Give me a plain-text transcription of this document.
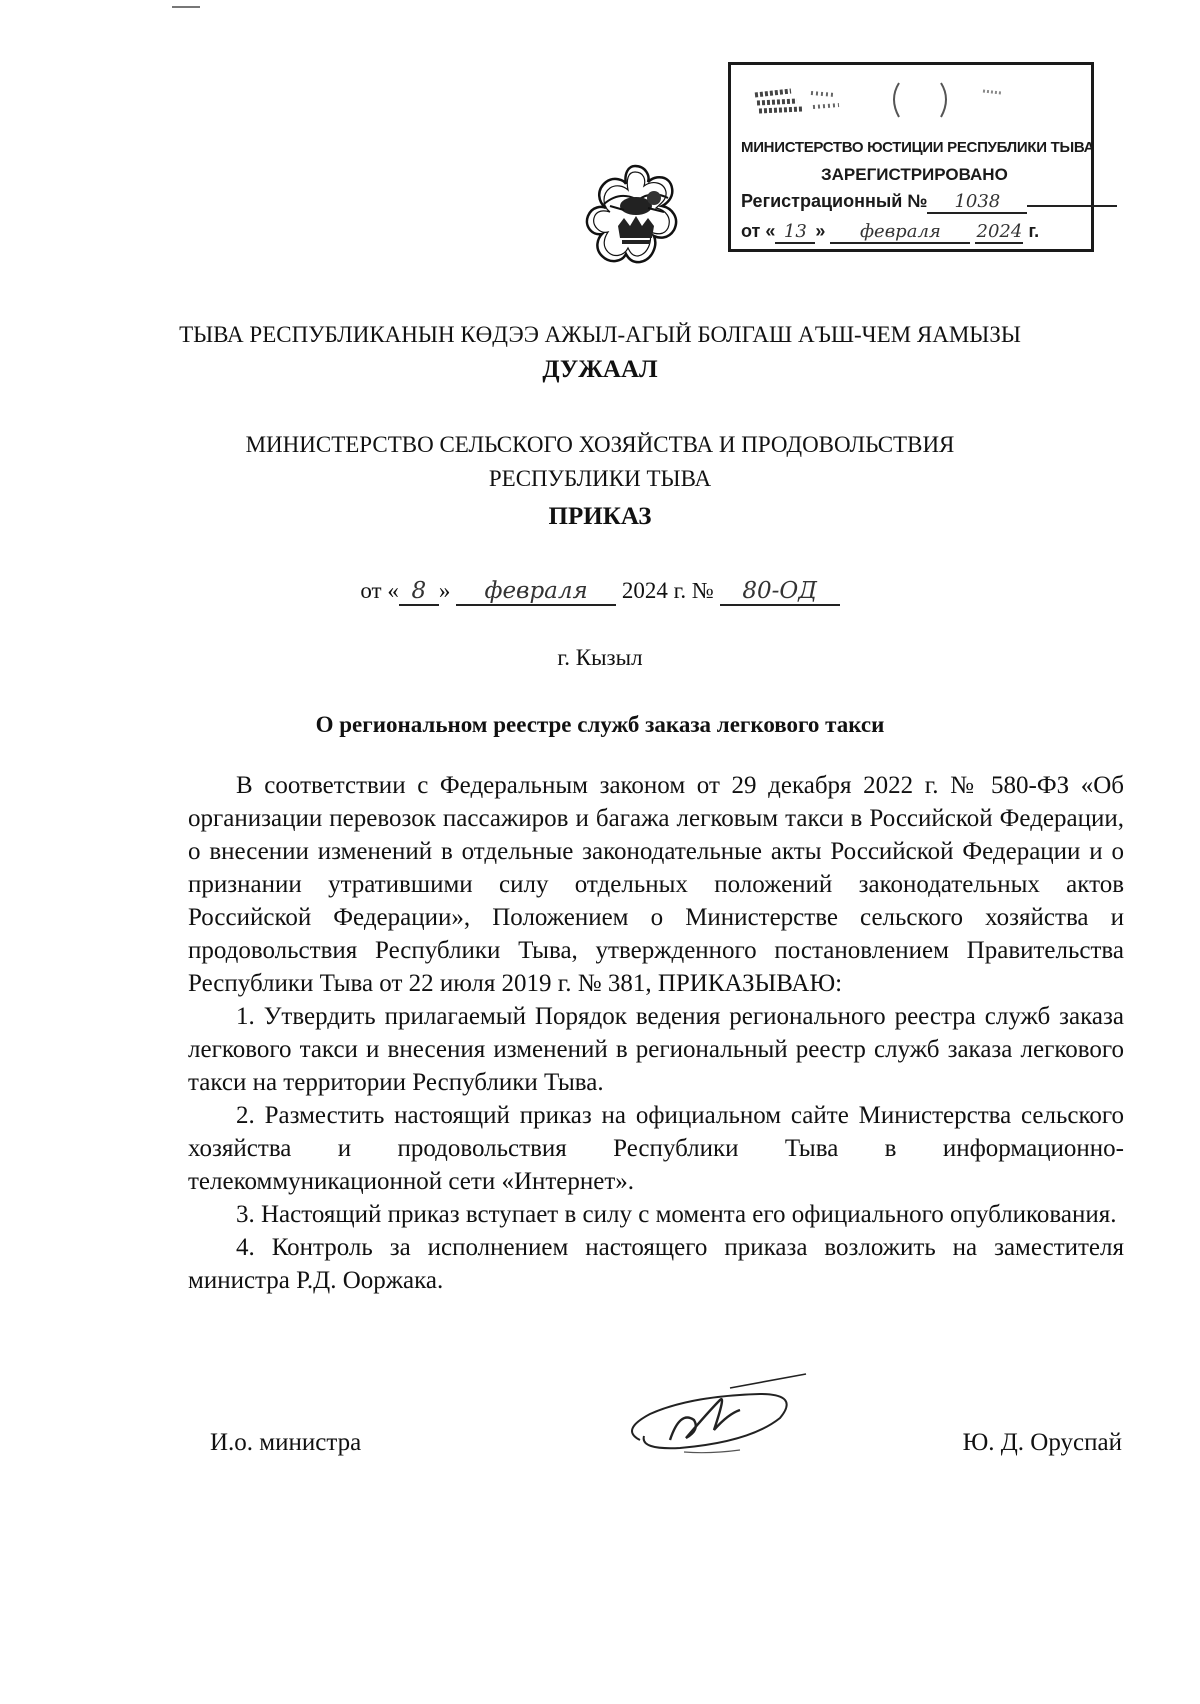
МИНИСТЕРСТВО ЮСТИЦИИ РЕСПУБЛИКИ ТЫВА
ЗАРЕГИСТРИРОВАНО
Регистрационный № 1038
от « 13 » февраля 2024 г.
ТЫВА РЕСПУБЛИКАНЫН КӨДЭЭ АЖЫЛ-АГЫЙ БОЛГАШ АЪШ-ЧЕМ ЯАМЫЗЫ
ДУЖААЛ
МИНИСТЕРСТВО СЕЛЬСКОГО ХОЗЯЙСТВА И ПРОДОВОЛЬСТВИЯ
РЕСПУБЛИКИ ТЫВА
ПРИКАЗ
от « 8 » февраля 2024 г. № 80-ОД
г. Кызыл
О региональном реестре служб заказа легкового такси

В соответствии с Федеральным законом от 29 декабря 2022 г. № 580-ФЗ «Об организации перевозок пассажиров и багажа легковым такси в Российской Федерации, о внесении изменений в отдельные законодательные акты Российской Федерации и о признании утратившими силу отдельных положений законодательных актов Российской Федерации», Положением о Министерстве сельского хозяйства и продовольствия Республики Тыва, утвержденного постановлением Правительства Республики Тыва от 22 июля 2019 г. № 381, ПРИКАЗЫВАЮ:

1. Утвердить прилагаемый Порядок ведения регионального реестра служб заказа легкового такси и внесения изменений в региональный реестр служб заказа легкового такси на территории Республики Тыва.

2. Разместить настоящий приказ на официальном сайте Министерства сельского хозяйства и продовольствия Республики Тыва в информационно-телекоммуникационной сети «Интернет».

3. Настоящий приказ вступает в силу с момента его официального опубликования.

4. Контроль за исполнением настоящего приказа возложить на заместителя министра Р.Д. Ооржака.

И.о. министра	Ю. Д. Оруспай
